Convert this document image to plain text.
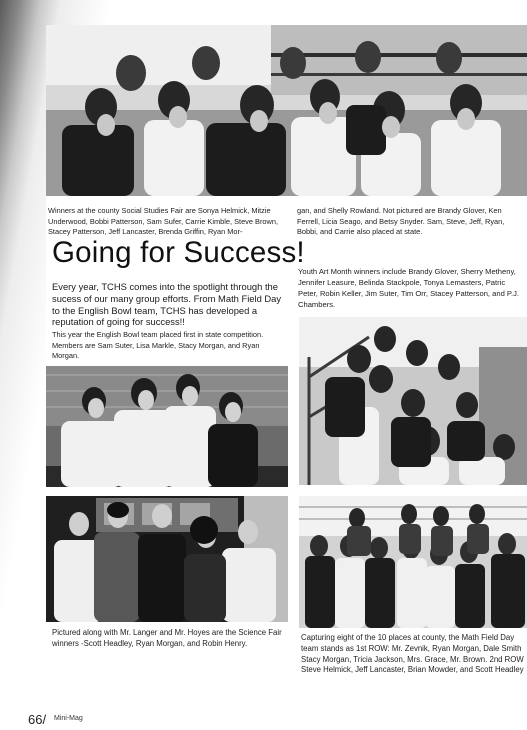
Winners at the county Social Studies Fair are Sonya Helmick, Mitzie Underwood, Bobbi Patterson, Sam Sufer, Carrie Kimble, Steve Brown, Stacey Patterson, Jeff Lancaster, Brenda Griffin, Ryan Mor-

gan, and Shelly Rowland. Not pictured are Brandy Glover, Ken Ferrell, Licia Seago, and Betsy Snyder. Sam, Steve, Jeff, Ryan, Bobbi, and Carrie also placed at state.

Going for Success!

Every year, TCHS comes into the spotlight through the sucess of our many group efforts. From Math Field Day to the English Bowl team, TCHS has developed a reputation of going for success!!

This year the English Bowl team placed first in state competition. Members are Sam Suter, Lisa Markle, Stacy Morgan, and Ryan Morgan.

Youth Art Month winners include Brandy Glover, Sherry Metheny, Jennifer Leasure, Belinda Stackpole, Tonya Lemasters, Patric Peter, Robin Keller, Jim Suter, Tim Orr, Stacey Patterson, and P.J. Chambers.

Pictured along with Mr. Langer and Mr. Hoyes are the Science Fair winners -Scott Headley, Ryan Morgan, and Robin Henry.

Capturing eight of the 10 places at county, the Math Field Day team stands as 1st ROW: Mr. Zevnik, Ryan Morgan, Dale Smith Stacy Morgan, Tricia Jackson, Mrs. Grace, Mr. Brown. 2nd ROW Steve Helmick, Jeff Lancaster, Brian Mowder, and Scott Headley

66/ Mini-Mag
